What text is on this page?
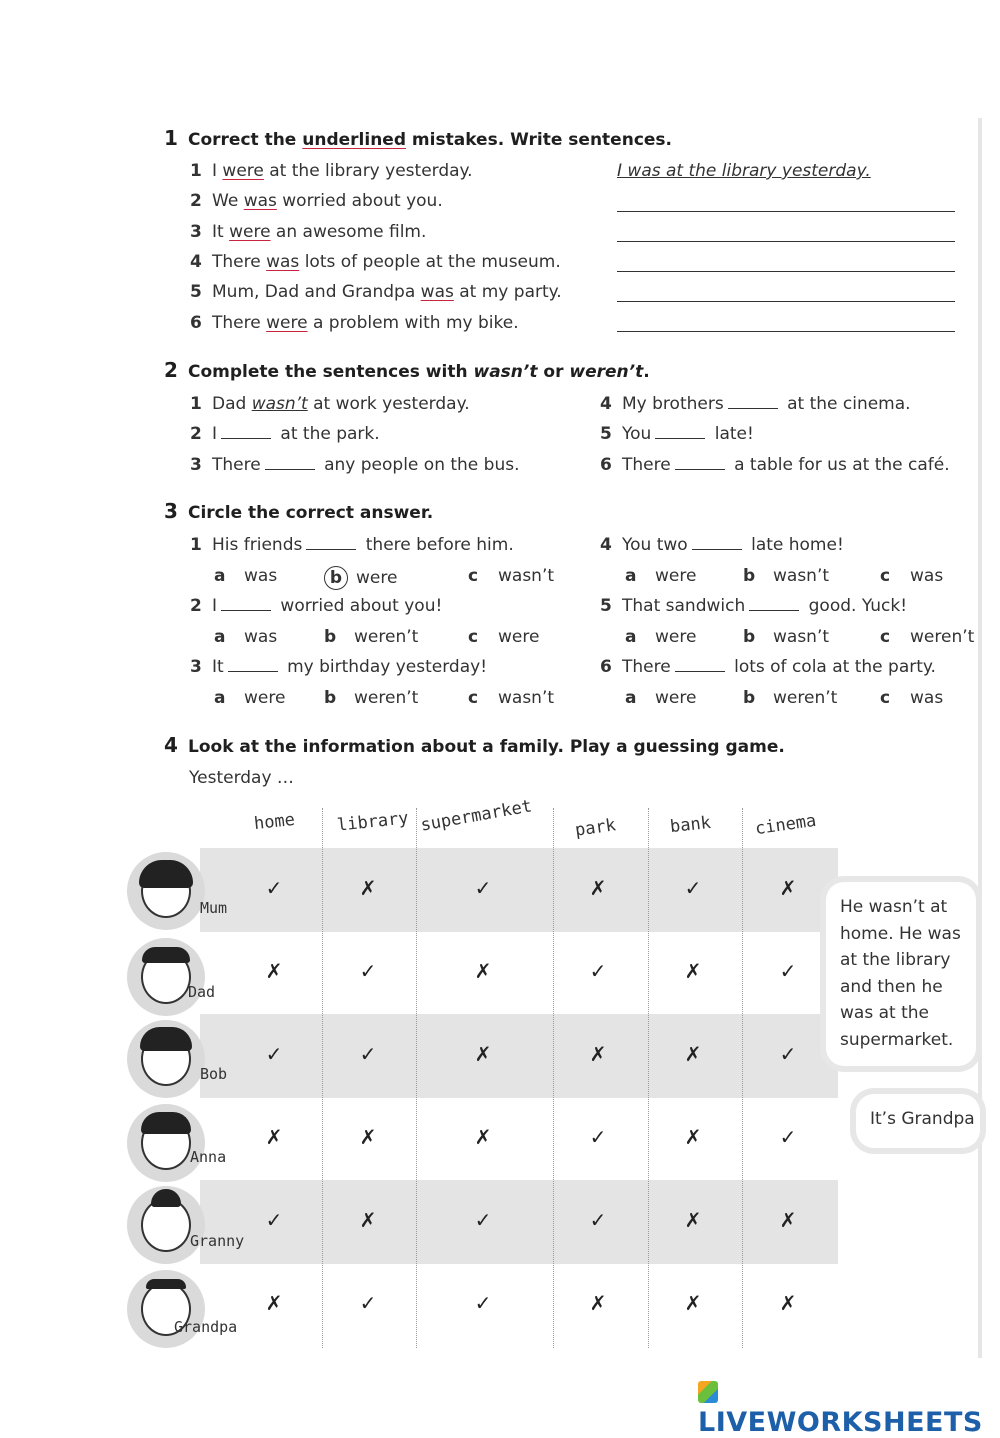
1 Correct the underlined mistakes. Write sentences.
1 I were at the library yesterday.
2 We was worried about you.
3 It were an awesome film.
4 There was lots of people at the museum.
5 Mum, Dad and Grandpa was at my party.
6 There were a problem with my bike.
I was at the library yesterday.
2 Complete the sentences with wasn’t or weren’t.
1 Dad wasn’t at work yesterday.
2 I	at the park.
3 There	any people on the bus.
4 My brothers	at the cinema.
5 You	late!
6 There	a table for us at the café.
3 Circle the correct answer.
1 His friends	there before him.
a was	b were	c wasn’t
2 I	worried about you!
a was	b weren’t	c were
3 It	my birthday yesterday!
a were b weren’t	c wasn’t
4 You two	late home!
a were	b wasn’t	c was
5 That sandwich	good. Yuck!
a were	b wasn’t	c weren’t
6 There	lots of cola at the party.
a were	b weren’t	c was
4 Look at the information about a family. Play a guessing game.
Yesterday …
home library supermarket park	bank cinema
Mum
✓	✗	✓	✗	✓	✗
Dad
✗	✓	✗	✓	✗	✓
Bob
✓	✓	✗	✗	✗	✓
Anna
✗	✗	✗	✓	✗	✓
Granny
✓	✗	✓	✓	✗	✗
Grandpa
✗	✓	✓	✗	✗	✗
He wasn’t at
home. He was
at the library
and then he
was at the
supermarket.
It’s Grandpa
LIVEWORKSHEETS
